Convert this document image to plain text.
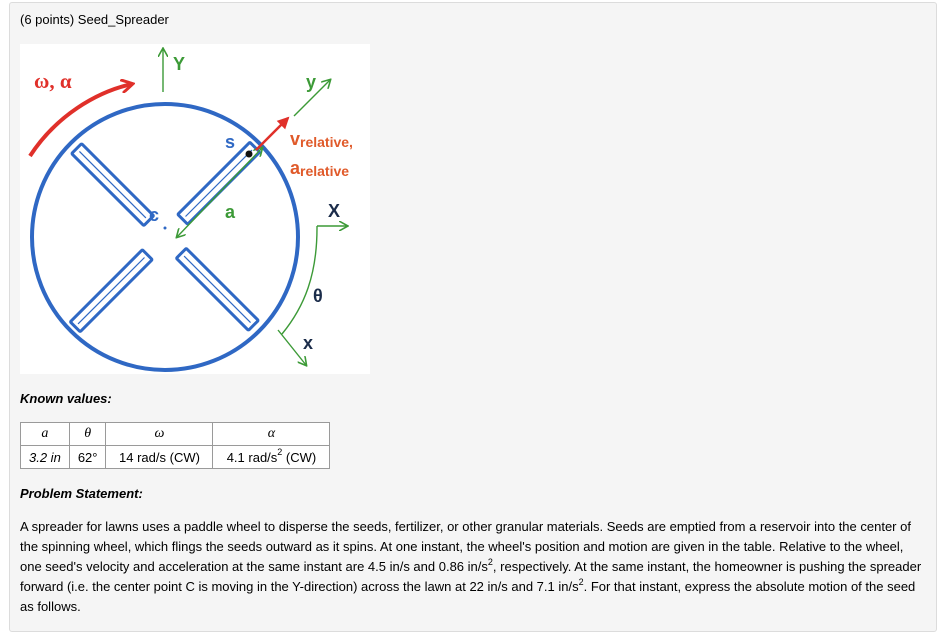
(6 points) Seed_Spreader
ω, α
Y
c	a
s
y
vrelative,
arelative
X
θ
x
Known values:
a	θ	ω	α
3.2 in	62°	14 rad/s (CW)	4.1 rad/$s^2$ (CW)
Problem Statement:
A spreader for lawns uses a paddle wheel to disperse the seeds, fertilizer, or other granular materials. Seeds are emptied from a reservoir into the center of the spinning wheel, which flings the seeds outward as it spins. At one instant, the wheel's position and motion are given in the table. Relative to the wheel, one seed's velocity and acceleration at the same instant are 4.5 in/s and 0.86 $in/s^2$, respectively. At the same instant, the homeowner is pushing the spreader forward (i.e. the center point C is moving in the Y-direction) across the lawn at 22 in/s and 7.1 $in/s^2$. For that instant, express the absolute motion of the seed as follows.
